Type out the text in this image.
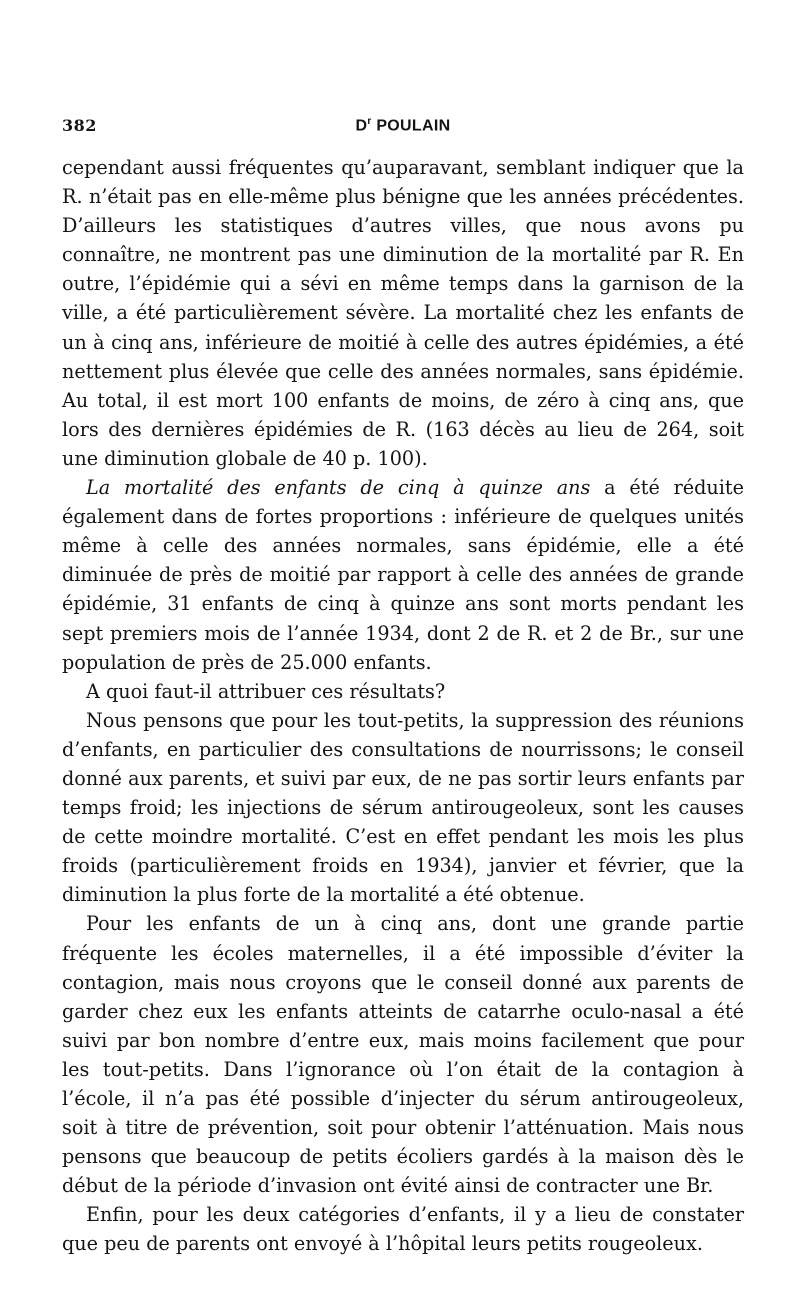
382	$D^r$ POULAIN

cependant aussi fréquentes qu’auparavant, semblant indiquer que la R. n’était pas en elle-même plus bénigne que les années précédentes. D’ailleurs les statistiques d’autres villes, que nous avons pu connaître, ne montrent pas une diminution de la mortalité par R. En outre, l’épidémie qui a sévi en même temps dans la garnison de la ville, a été particulièrement sévère. La mortalité chez les enfants de un à cinq ans, inférieure de moitié à celle des autres épidémies, a été nettement plus élevée que celle des années normales, sans épidémie. Au total, il est mort 100 enfants de moins, de zéro à cinq ans, que lors des dernières épidémies de R. (163 décès au lieu de 264, soit une diminution globale de 40 p. 100).

La mortalité des enfants de cinq à quinze ans a été réduite également dans de fortes proportions : inférieure de quelques unités même à celle des années normales, sans épidémie, elle a été diminuée de près de moitié par rapport à celle des années de grande épidémie, 31 enfants de cinq à quinze ans sont morts pendant les sept premiers mois de l’année 1934, dont 2 de R. et 2 de Br., sur une population de près de 25.000 enfants.

A quoi faut-il attribuer ces résultats?

Nous pensons que pour les tout-petits, la suppression des réunions d’enfants, en particulier des consultations de nourrissons; le conseil donné aux parents, et suivi par eux, de ne pas sortir leurs enfants par temps froid; les injections de sérum antirougeoleux, sont les causes de cette moindre mortalité. C’est en effet pendant les mois les plus froids (particulièrement froids en 1934), janvier et février, que la diminution la plus forte de la mortalité a été obtenue.

Pour les enfants de un à cinq ans, dont une grande partie fréquente les écoles maternelles, il a été impossible d’éviter la contagion, mais nous croyons que le conseil donné aux parents de garder chez eux les enfants atteints de catarrhe oculo-nasal a été suivi par bon nombre d’entre eux, mais moins facilement que pour les tout-petits. Dans l’ignorance où l’on était de la contagion à l’école, il n’a pas été possible d’injecter du sérum antirougeoleux, soit à titre de prévention, soit pour obtenir l’atténuation. Mais nous pensons que beaucoup de petits écoliers gardés à la maison dès le début de la période d’invasion ont évité ainsi de contracter une Br.

Enfin, pour les deux catégories d’enfants, il y a lieu de constater que peu de parents ont envoyé à l’hôpital leurs petits rougeoleux.
